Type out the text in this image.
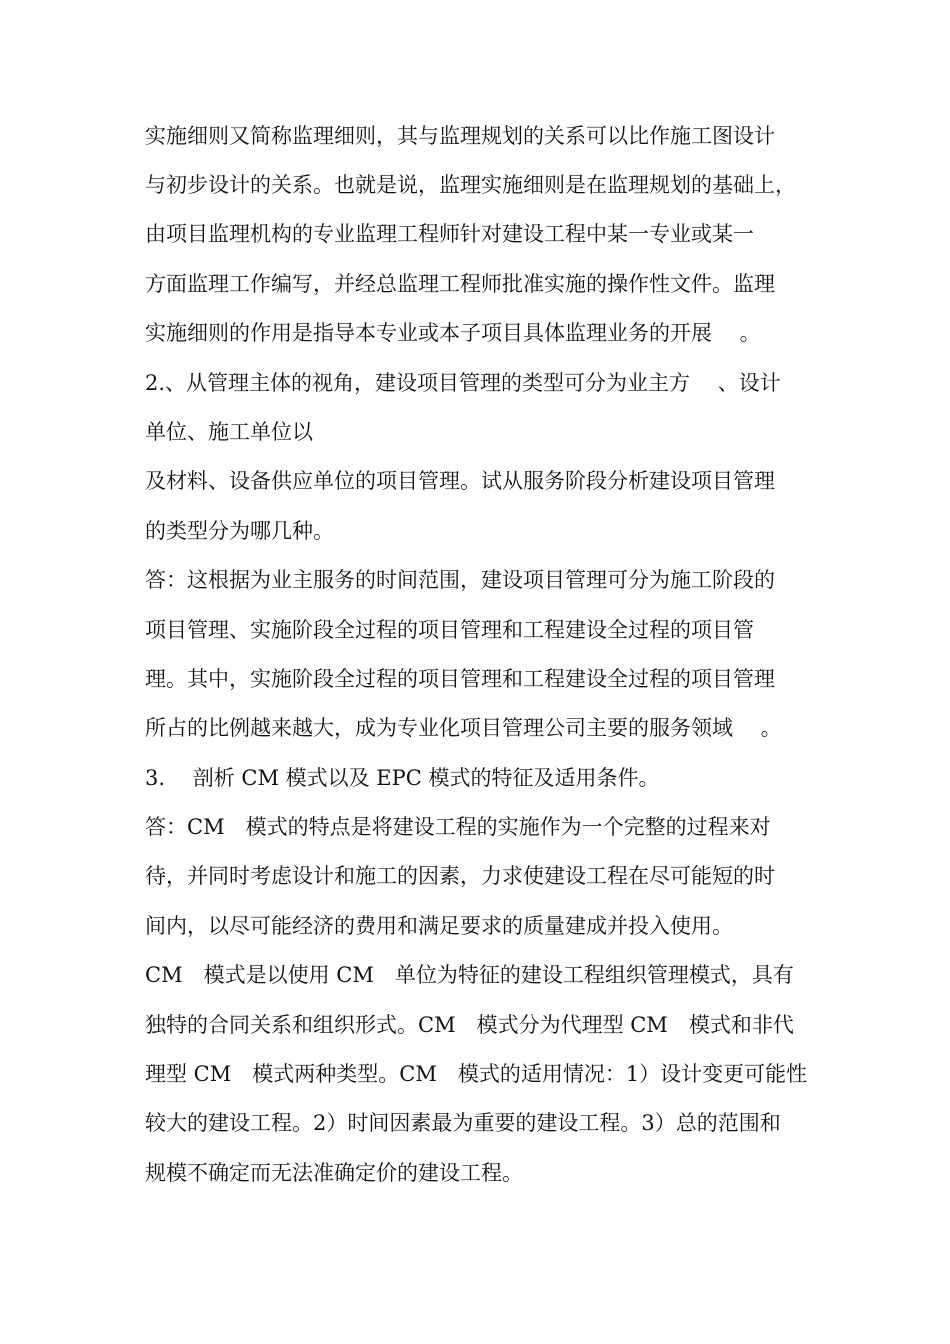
实施细则又简称监理细则，其与监理规划的关系可以比作施工图设计
与初步设计的关系。也就是说，监理实施细则是在监理规划的基础上，
由项目监理机构的专业监理工程师针对建设工程中某一专业或某一
方面监理工作编写，并经总监理工程师批准实施的操作性文件。监理
实施细则的作用是指导本专业或本子项目具体监理业务的开展　 。
2.、从管理主体的视角，建设项目管理的类型可分为业主方　 、设计
单位、施工单位以
及材料、设备供应单位的项目管理。试从服务阶段分析建设项目管理
的类型分为哪几种。
答：这根据为业主服务的时间范围，建设项目管理可分为施工阶段的
项目管理、实施阶段全过程的项目管理和工程建设全过程的项目管
理。其中，实施阶段全过程的项目管理和工程建设全过程的项目管理
所占的比例越来越大，成为专业化项目管理公司主要的服务领域　 。
3.　 剖析 CM 模式以及 EPC 模式的特征及适用条件。
答：CM　模式的特点是将建设工程的实施作为一个完整的过程来对
待，并同时考虑设计和施工的因素，力求使建设工程在尽可能短的时
间内，以尽可能经济的费用和满足要求的质量建成并投入使用。
CM　模式是以使用 CM　单位为特征的建设工程组织管理模式，具有
独特的合同关系和组织形式。CM　模式分为代理型 CM　模式和非代
理型 CM　模式两种类型。CM　模式的适用情况：1）设计变更可能性
较大的建设工程。2）时间因素最为重要的建设工程。3）总的范围和
规模不确定而无法准确定价的建设工程。
